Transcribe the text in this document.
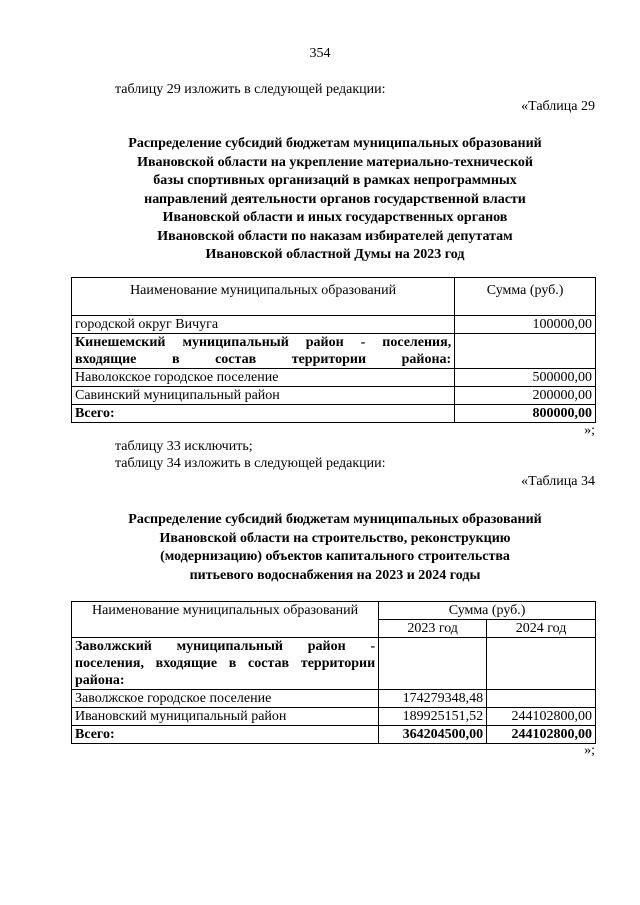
354
таблицу 29 изложить в следующей редакции:
«Таблица 29
Распределение субсидий бюджетам муниципальных образований
Ивановской области на укрепление материально-технической
базы спортивных организаций в рамках непрограммных
направлений деятельности органов государственной власти
Ивановской области и иных государственных органов
Ивановской области по наказам избирателей депутатам
Ивановской областной Думы на 2023 год
Наименование муниципальных образований	Сумма (руб.)
городской округ Вичуга	100000,00
Кинешемский муниципальный район - поселения, входящие в состав территории района:	
Наволокское городское поселение	500000,00
Савинский муниципальный район	200000,00
Всего:	800000,00
»;
таблицу 33 исключить;
таблицу 34 изложить в следующей редакции:
«Таблица 34
Распределение субсидий бюджетам муниципальных образований
Ивановской области на строительство, реконструкцию
(модернизацию) объектов капитального строительства
питьевого водоснабжения на 2023 и 2024 годы
Наименование муниципальных образований	Сумма (руб.)	
	2023 год	2024 год
Заволжский муниципальный район - поселения, входящие в состав территории района:		
Заволжское городское поселение	174279348,48	
Ивановский муниципальный район	189925151,52	244102800,00
Всего:	364204500,00	244102800,00
»;
